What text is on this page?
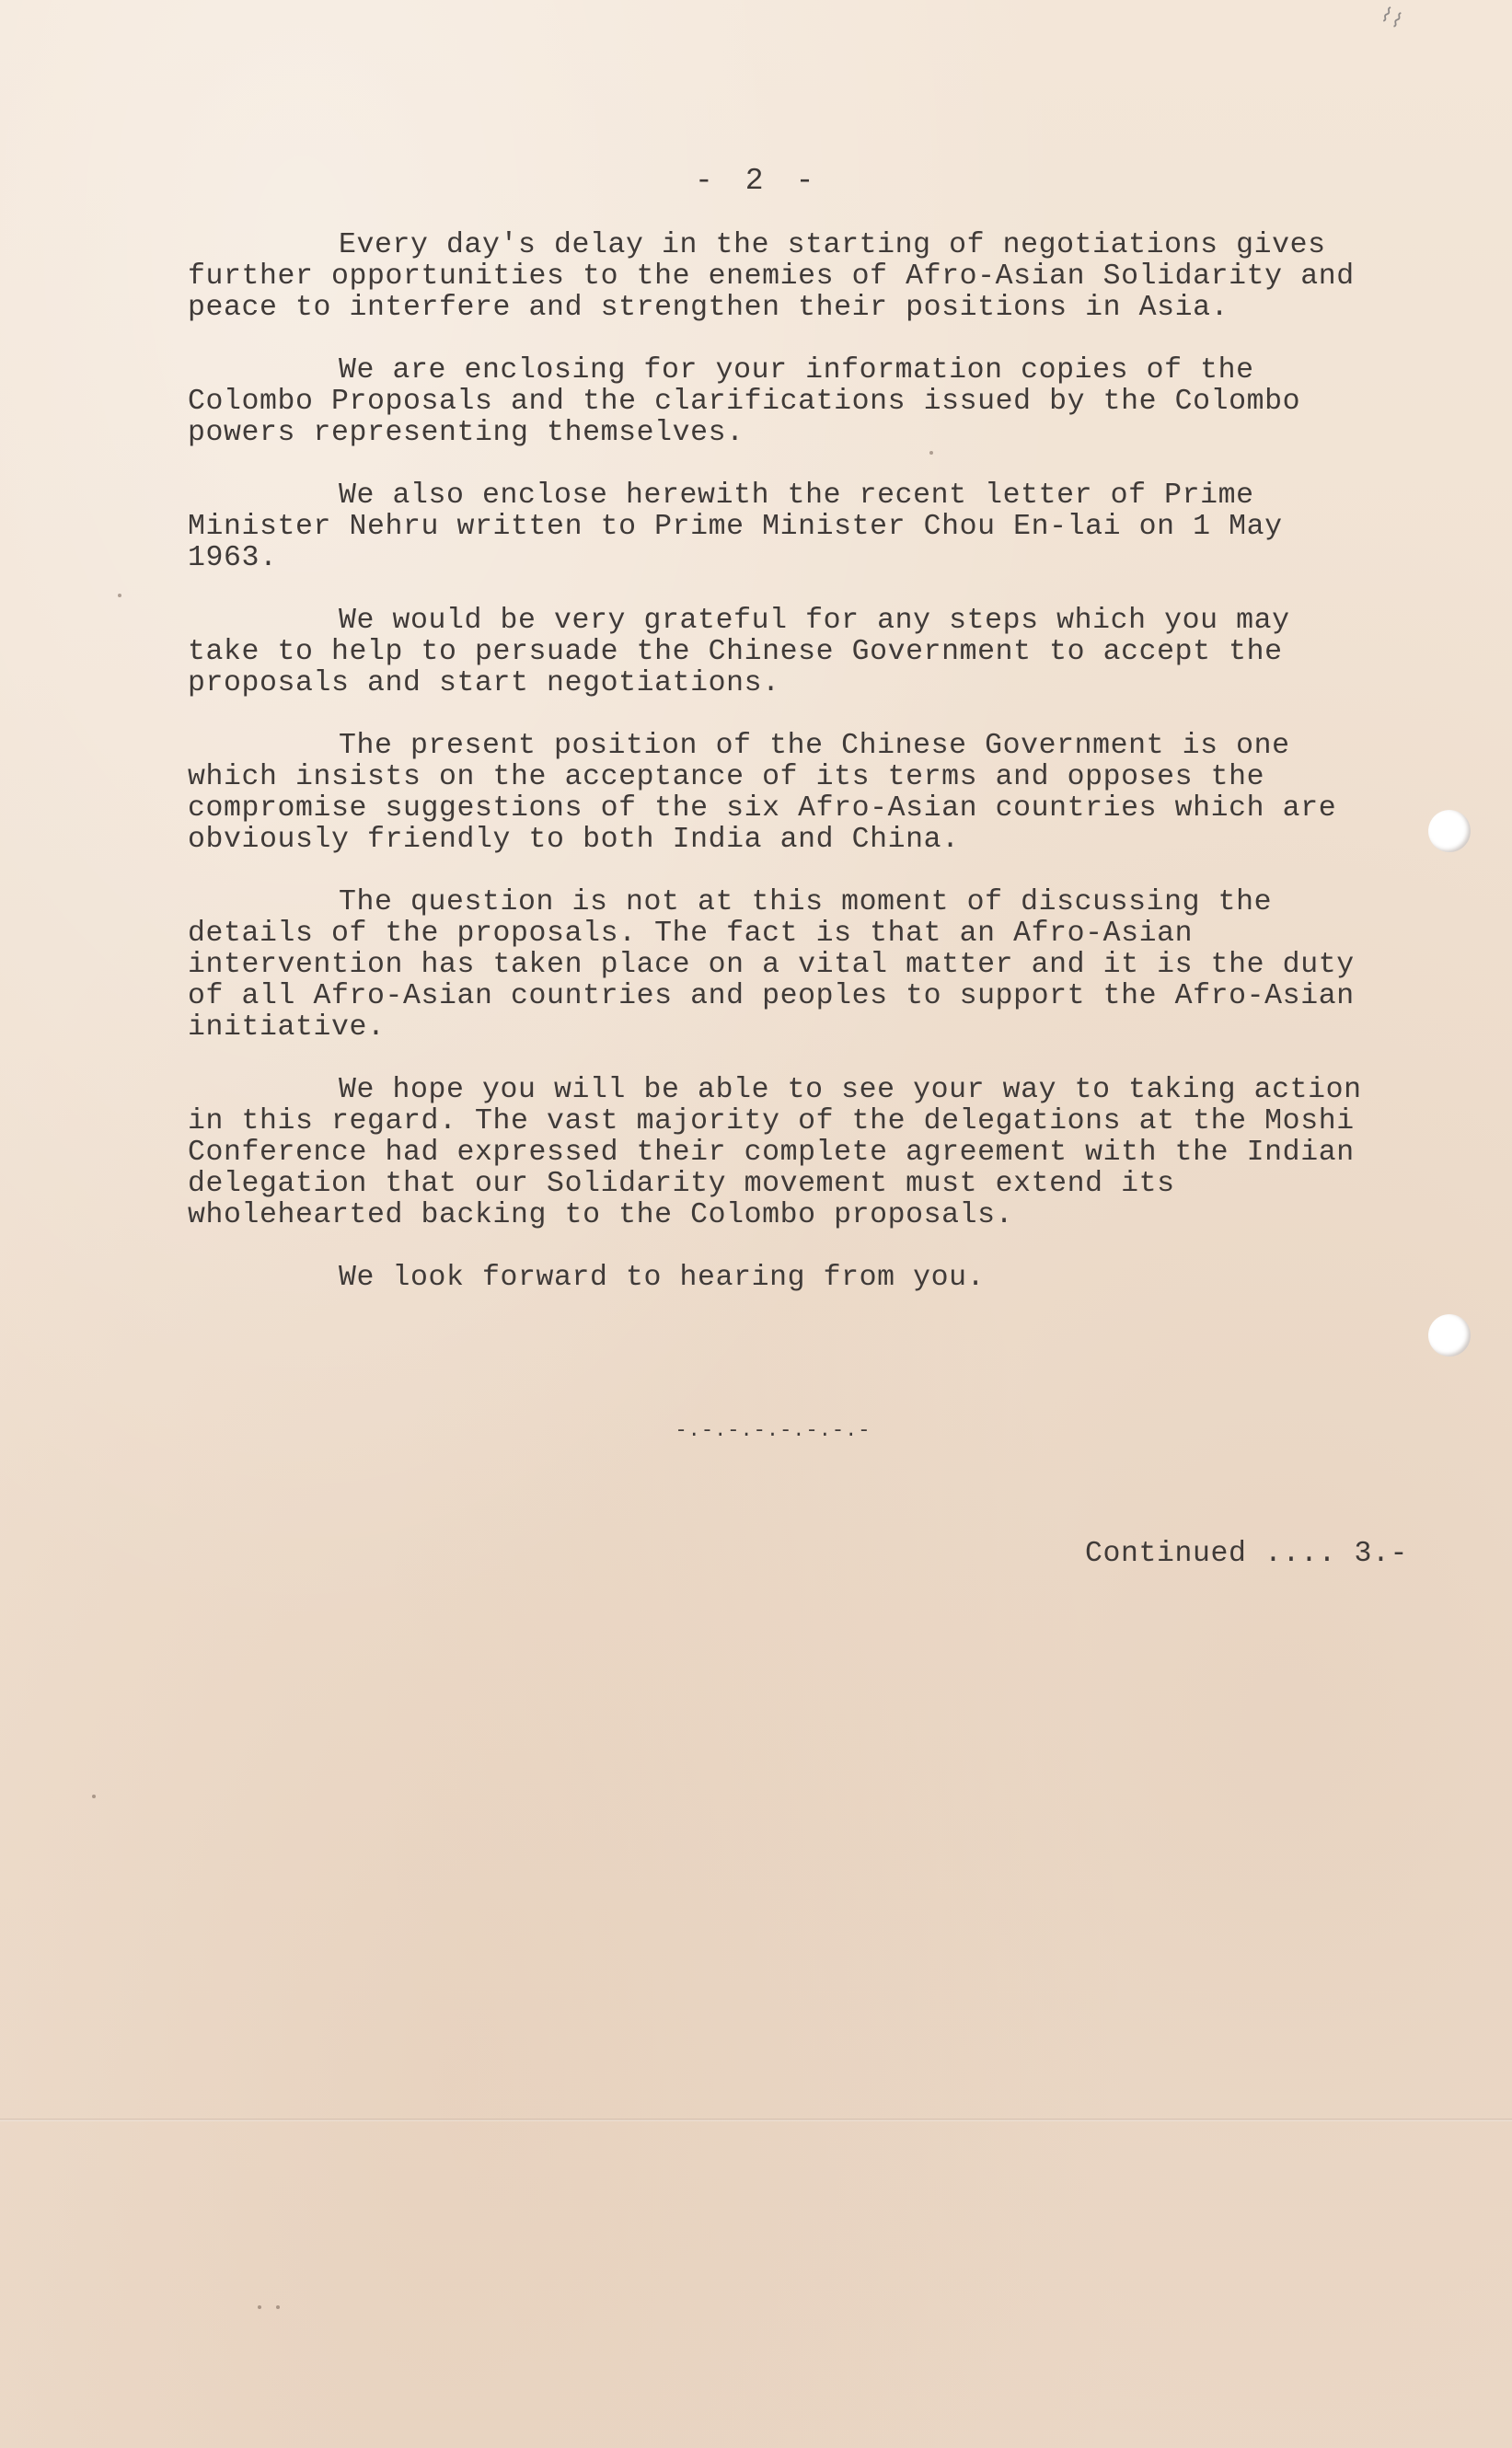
⌇⌇
- 2 -

Every day's delay in the starting of negotiations gives further opportunities to the enemies of Afro-Asian Solidarity and peace to interfere and strengthen their positions in Asia.

We are enclosing for your information copies of the Colombo Proposals and the clarifications issued by the Colombo powers representing themselves.

We also enclose herewith the recent letter of Prime Minister Nehru written to Prime Minister Chou En-lai on 1 May 1963.

We would be very grateful for any steps which you may take to help to persuade the Chinese Government to accept the proposals and start negotiations.

The present position of the Chinese Government is one which insists on the acceptance of its terms and opposes the compromise suggestions of the six Afro-Asian countries which are obviously friendly to both India and China.

The question is not at this moment of discussing the details of the proposals. The fact is that an Afro-Asian intervention has taken place on a vital matter and it is the duty of all Afro-Asian countries and peoples to support the Afro-Asian initiative.

We hope you will be able to see your way to taking action in this regard. The vast majority of the delegations at the Moshi Conference had expressed their complete agreement with the Indian delegation that our Solidarity movement must extend its wholehearted backing to the Colombo proposals.

We look forward to hearing from you.

-.-.-.-.-.-.-.-
Continued .... 3.-
